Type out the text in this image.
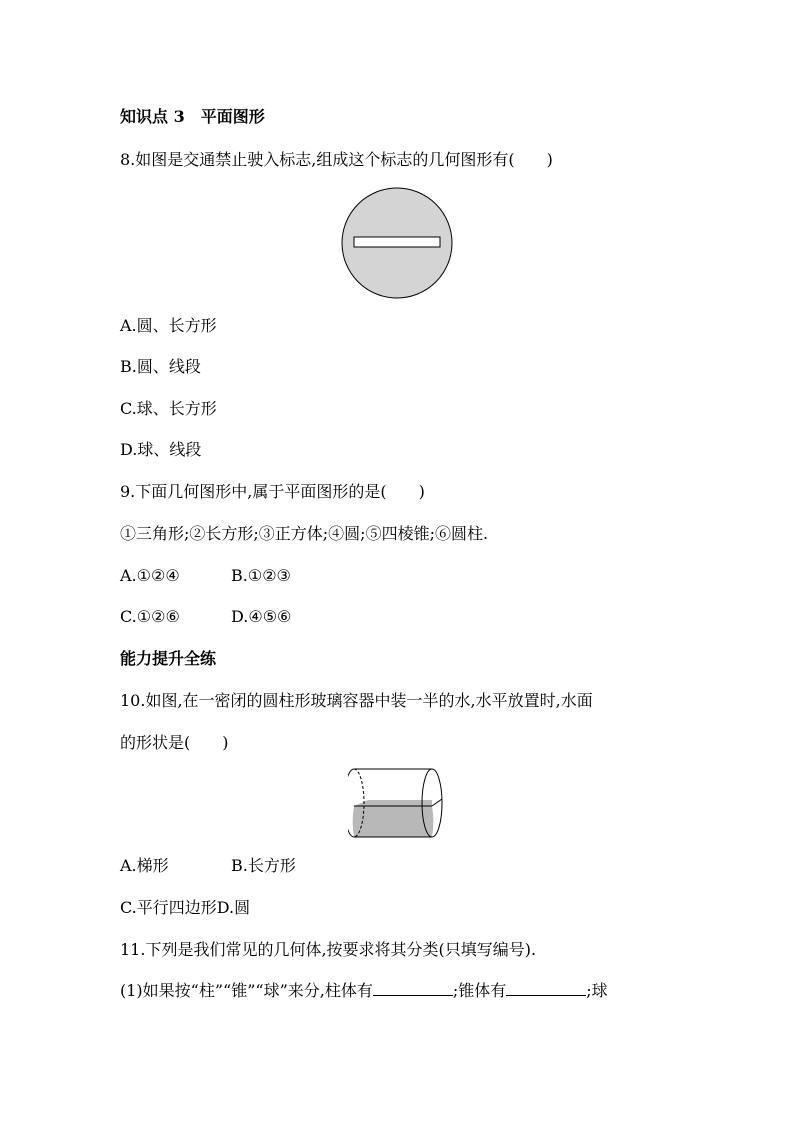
知识点 3　平面图形
8.如图是交通禁止驶入标志,组成这个标志的几何图形有(　　)
A.圆、长方形
B.圆、线段
C.球、长方形
D.球、线段
9.下面几何图形中,属于平面图形的是(　　)
①三角形;②长方形;③正方体;④圆;⑤四棱锥;⑥圆柱.
A.①②④	B.①②③
C.①②⑥	D.④⑤⑥
能力提升全练
10.如图,在一密闭的圆柱形玻璃容器中装一半的水,水平放置时,水面
的形状是(　　)
A.梯形	B.长方形
C.平行四边形D.圆
11.下列是我们常见的几何体,按要求将其分类(只填写编号).
(1)如果按“柱”“锥”“球”来分,柱体有	;锥体有	;球
